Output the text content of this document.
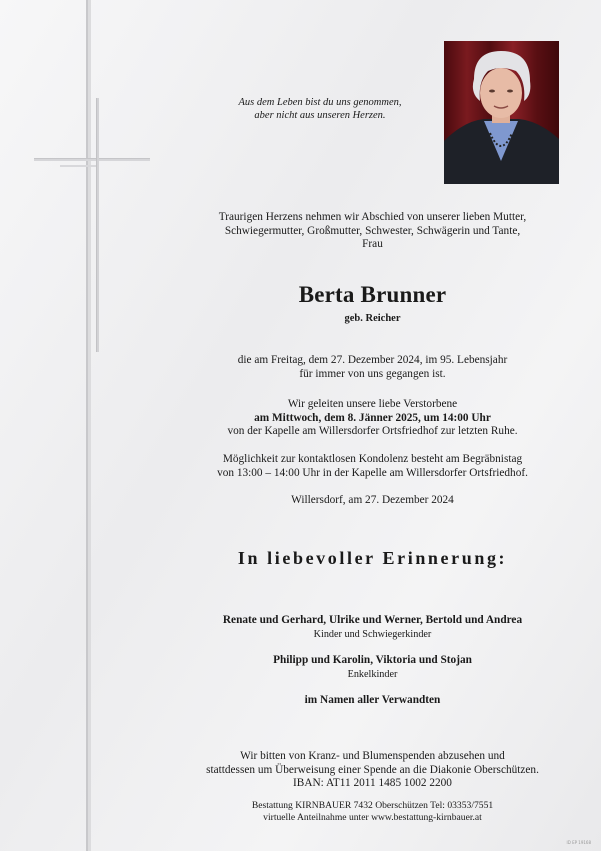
Aus dem Leben bist du uns genommen,
aber nicht aus unseren Herzen.
Traurigen Herzens nehmen wir Abschied von unserer lieben Mutter,
Schwiegermutter, Großmutter, Schwester, Schwägerin und Tante,
Frau
Berta Brunner
geb. Reicher
die am Freitag, dem 27. Dezember 2024, im 95. Lebensjahr
für immer von uns gegangen ist.
Wir geleiten unsere liebe Verstorbene
am Mittwoch, dem 8. Jänner 2025, um 14:00 Uhr
von der Kapelle am Willersdorfer Ortsfriedhof zur letzten Ruhe.
Möglichkeit zur kontaktlosen Kondolenz besteht am Begräbnistag
von 13:00 – 14:00 Uhr in der Kapelle am Willersdorfer Ortsfriedhof.
Willersdorf, am 27. Dezember 2024
In liebevoller Erinnerung:
Renate und Gerhard, Ulrike und Werner, Bertold und Andrea
Kinder und Schwiegerkinder
Philipp und Karolin, Viktoria und Stojan
Enkelkinder
im Namen aller Verwandten
Wir bitten von Kranz- und Blumenspenden abzusehen und
stattdessen um Überweisung einer Spende an die Diakonie Oberschützen.
IBAN: AT11 2011 1485 1002 2200
Bestattung KIRNBAUER 7432 Oberschützen Tel: 03353/7551
virtuelle Anteilnahme unter www.bestattung-kirnbauer.at
ID EP 19168
